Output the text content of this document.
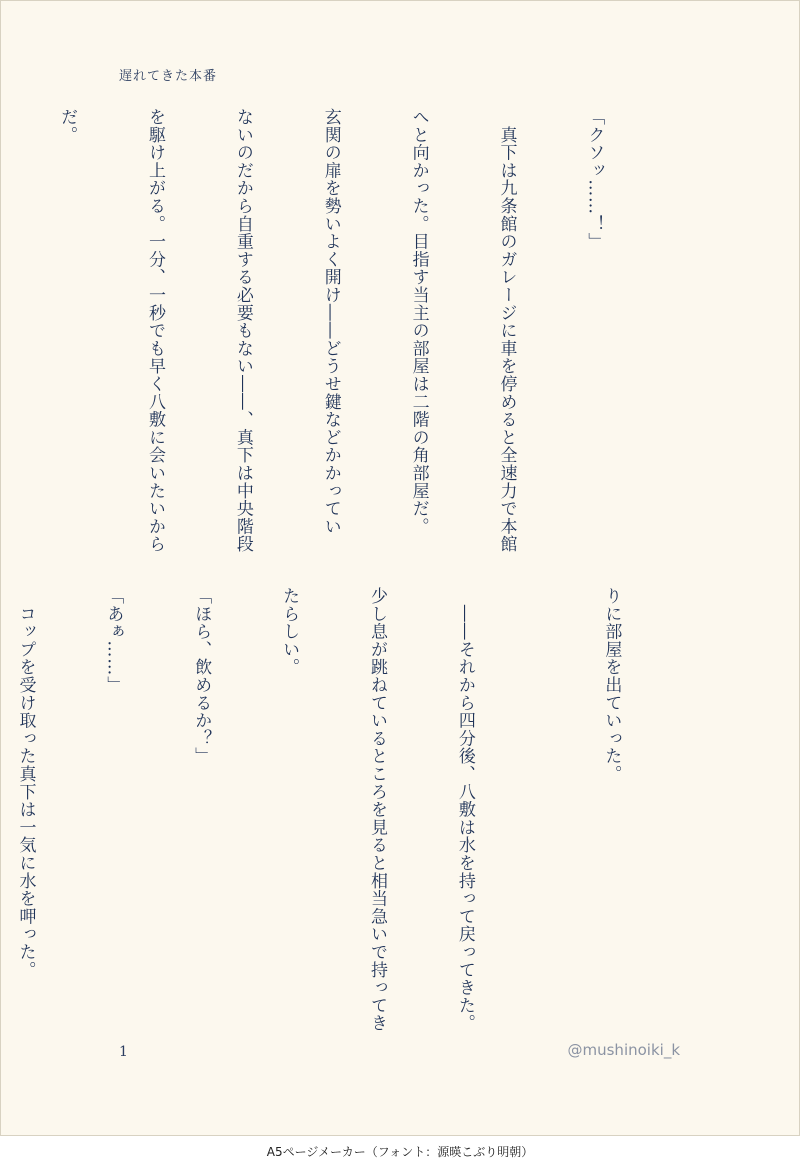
遅れてきた本番

「クソッ……！」

　真下は九条館のガレージに車を停めると全速力で本館

へと向かった。目指す当主の部屋は二階の角部屋だ。

玄関の扉を勢いよく開け――どうせ鍵などかかってい

ないのだから自重する必要もない――、真下は中央階段

を駆け上がる。一分、一秒でも早く八敷に会いたいから

だ。

りに部屋を出ていった。

　――それから四分後、八敷は水を持って戻ってきた。

少し息が跳ねているところを見ると相当急いで持ってき

たらしい。

「ほら、飲めるか？」

「あぁ……」

　コップを受け取った真下は一気に水を呷った。

1	@mushinoiki_k
A5ページメーカー（フォント：源暎こぶり明朝）
